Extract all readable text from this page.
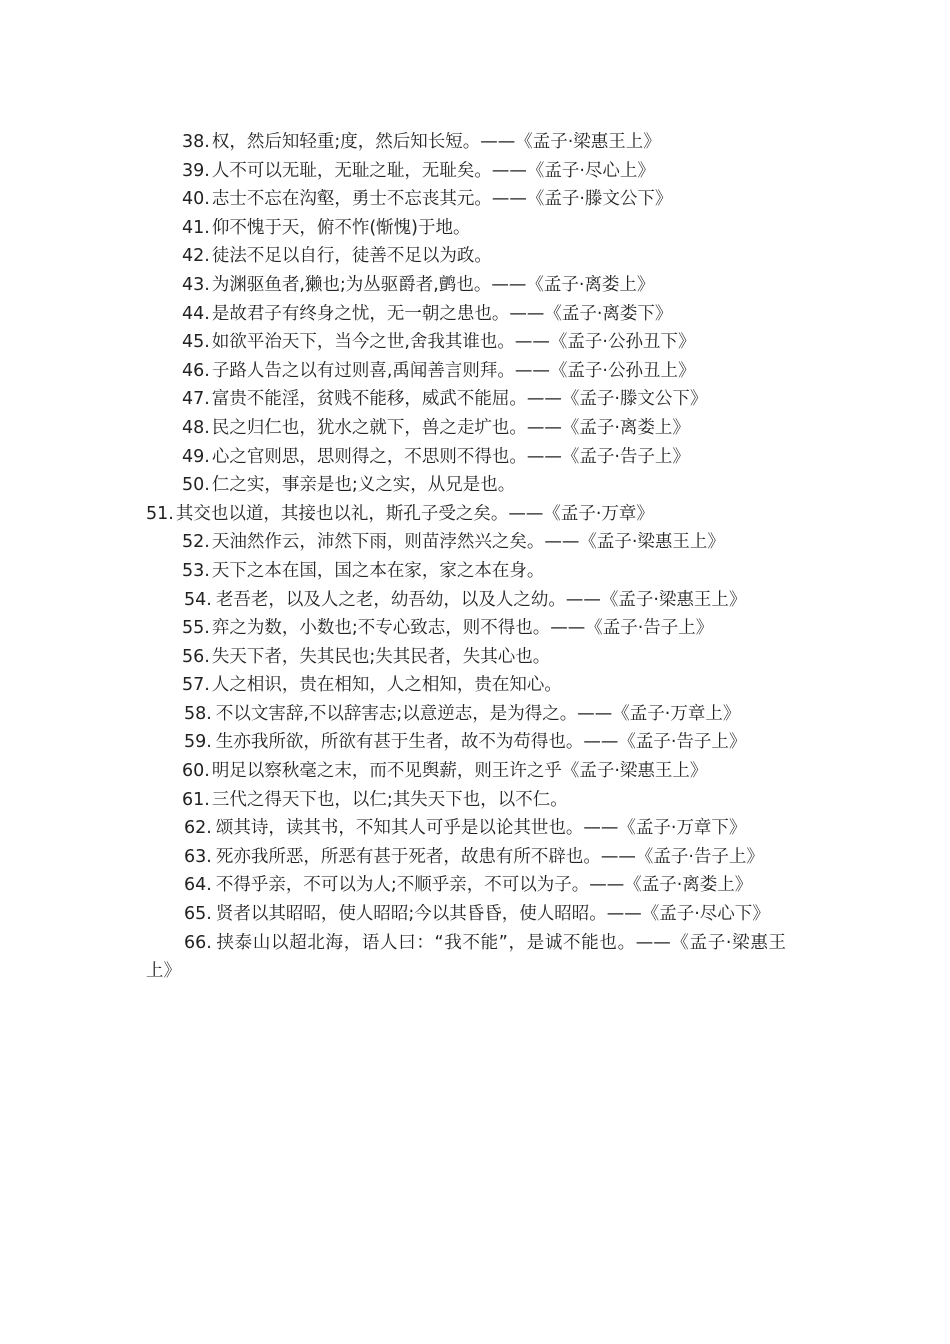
38. 权，然后知轻重;度，然后知长短。——《孟子·梁惠王上》

39. 人不可以无耻，无耻之耻，无耻矣。——《孟子·尽心上》

40. 志士不忘在沟壑，勇士不忘丧其元。——《孟子·滕文公下》

41. 仰不愧于天，俯不怍(惭愧)于地。

42. 徒法不足以自行，徒善不足以为政。

43. 为渊驱鱼者,獭也;为丛驱爵者,鹯也。——《孟子·离娄上》

44. 是故君子有终身之忧，无一朝之患也。——《孟子·离娄下》

45. 如欲平治天下，当今之世,舍我其谁也。——《孟子·公孙丑下》

46. 子路人告之以有过则喜,禹闻善言则拜。——《孟子·公孙丑上》

47. 富贵不能淫，贫贱不能移，威武不能屈。——《孟子·滕文公下》

48. 民之归仁也，犹水之就下，兽之走圹也。——《孟子·离娄上》

49. 心之官则思，思则得之，不思则不得也。——《孟子·告子上》

50. 仁之实，事亲是也;义之实，从兄是也。

51. 其交也以道，其接也以礼，斯孔子受之矣。——《孟子·万章》

52. 天油然作云，沛然下雨，则苗浡然兴之矣。——《孟子·梁惠王上》

53. 天下之本在国，国之本在家，家之本在身。

54. 老吾老，以及人之老，幼吾幼，以及人之幼。——《孟子·梁惠王上》

55. 弈之为数，小数也;不专心致志，则不得也。——《孟子·告子上》

56. 失天下者，失其民也;失其民者，失其心也。

57. 人之相识，贵在相知，人之相知，贵在知心。

58. 不以文害辞,不以辞害志;以意逆志，是为得之。——《孟子·万章上》

59. 生亦我所欲，所欲有甚于生者，故不为苟得也。——《孟子·告子上》

60. 明足以察秋毫之末，而不见舆薪，则王许之乎《孟子·梁惠王上》

61. 三代之得天下也，以仁;其失天下也，以不仁。

62. 颂其诗，读其书，不知其人可乎是以论其世也。——《孟子·万章下》

63. 死亦我所恶，所恶有甚于死者，故患有所不辟也。——《孟子·告子上》

64. 不得乎亲，不可以为人;不顺乎亲，不可以为子。——《孟子·离娄上》

65. 贤者以其昭昭，使人昭昭;今以其昏昏，使人昭昭。——《孟子·尽心下》

66. 挟泰山以超北海，语人曰：“我不能”，是诚不能也。——《孟子·梁惠王上》
